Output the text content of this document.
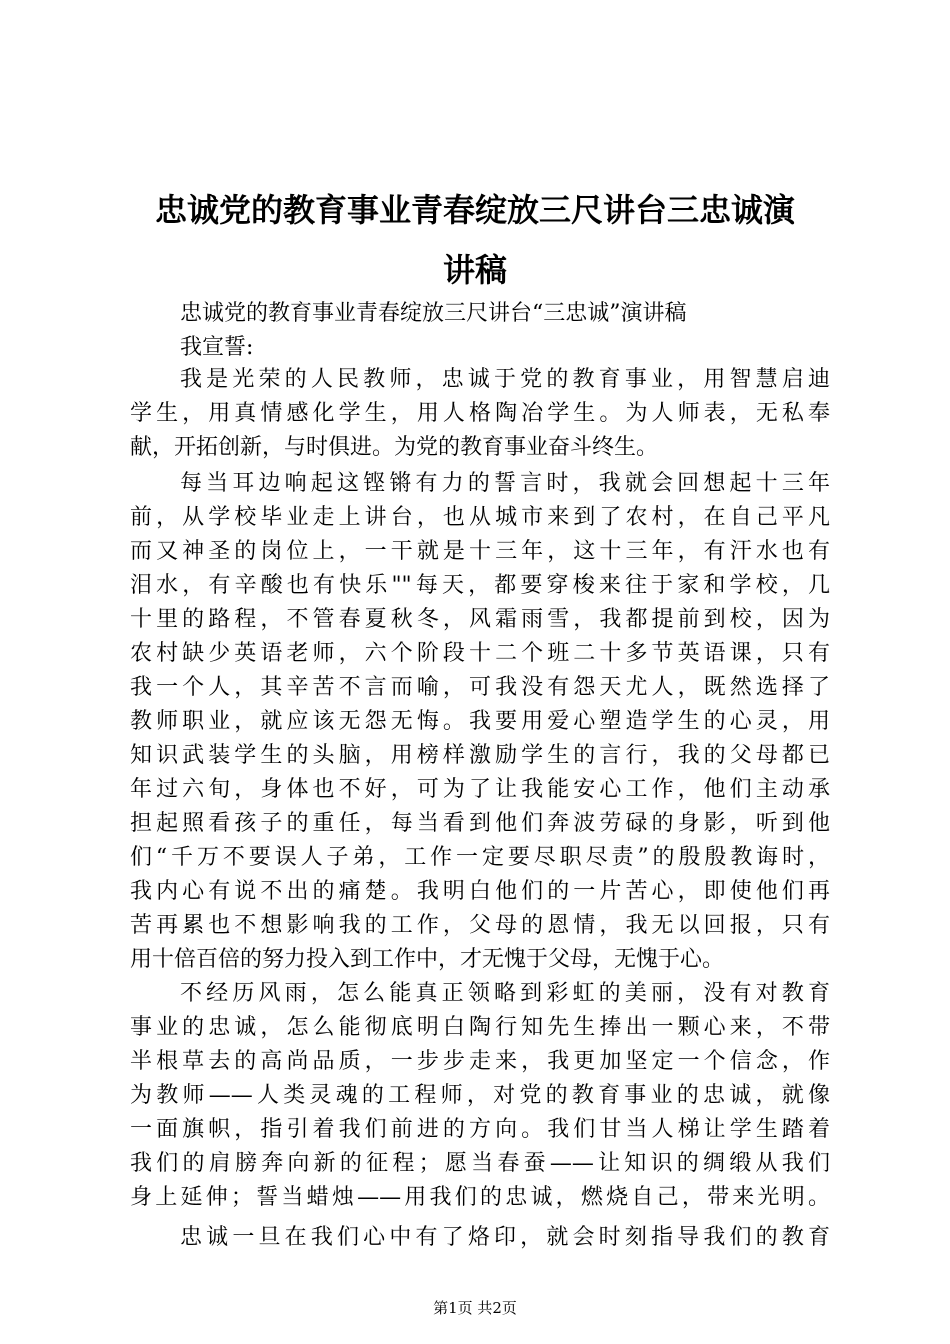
忠诚党的教育事业青春绽放三尺讲台三忠诚演
讲稿
忠诚党的教育事业青春绽放三尺讲台“三忠诚”演讲稿
我宣誓:
我是光荣的人民教师，忠诚于党的教育事业，用智慧启迪
学生，用真情感化学生，用人格陶冶学生。为人师表，无私奉
献，开拓创新，与时俱进。为党的教育事业奋斗终生。
每当耳边响起这铿锵有力的誓言时，我就会回想起十三年
前，从学校毕业走上讲台，也从城市来到了农村，在自己平凡
而又神圣的岗位上，一干就是十三年，这十三年，有汗水也有
泪水，有辛酸也有快乐""每天，都要穿梭来往于家和学校，几
十里的路程，不管春夏秋冬，风霜雨雪，我都提前到校，因为
农村缺少英语老师，六个阶段十二个班二十多节英语课，只有
我一个人，其辛苦不言而喻，可我没有怨天尤人，既然选择了
教师职业，就应该无怨无悔。我要用爱心塑造学生的心灵，用
知识武装学生的头脑，用榜样激励学生的言行，我的父母都已
年过六旬，身体也不好，可为了让我能安心工作，他们主动承
担起照看孩子的重任，每当看到他们奔波劳碌的身影，听到他
们“千万不要误人子弟，工作一定要尽职尽责”的殷殷教诲时，
我内心有说不出的痛楚。我明白他们的一片苦心，即使他们再
苦再累也不想影响我的工作，父母的恩情，我无以回报，只有
用十倍百倍的努力投入到工作中，才无愧于父母，无愧于心。
不经历风雨，怎么能真正领略到彩虹的美丽，没有对教育
事业的忠诚，怎么能彻底明白陶行知先生捧出一颗心来，不带
半根草去的高尚品质，一步步走来，我更加坚定一个信念，作
为教师——人类灵魂的工程师，对党的教育事业的忠诚，就像
一面旗帜，指引着我们前进的方向。我们甘当人梯让学生踏着
我们的肩膀奔向新的征程；愿当春蚕——让知识的绸缎从我们
身上延伸；誓当蜡烛——用我们的忠诚，燃烧自己，带来光明。
忠诚一旦在我们心中有了烙印，就会时刻指导我们的教育
第1页 共2页
